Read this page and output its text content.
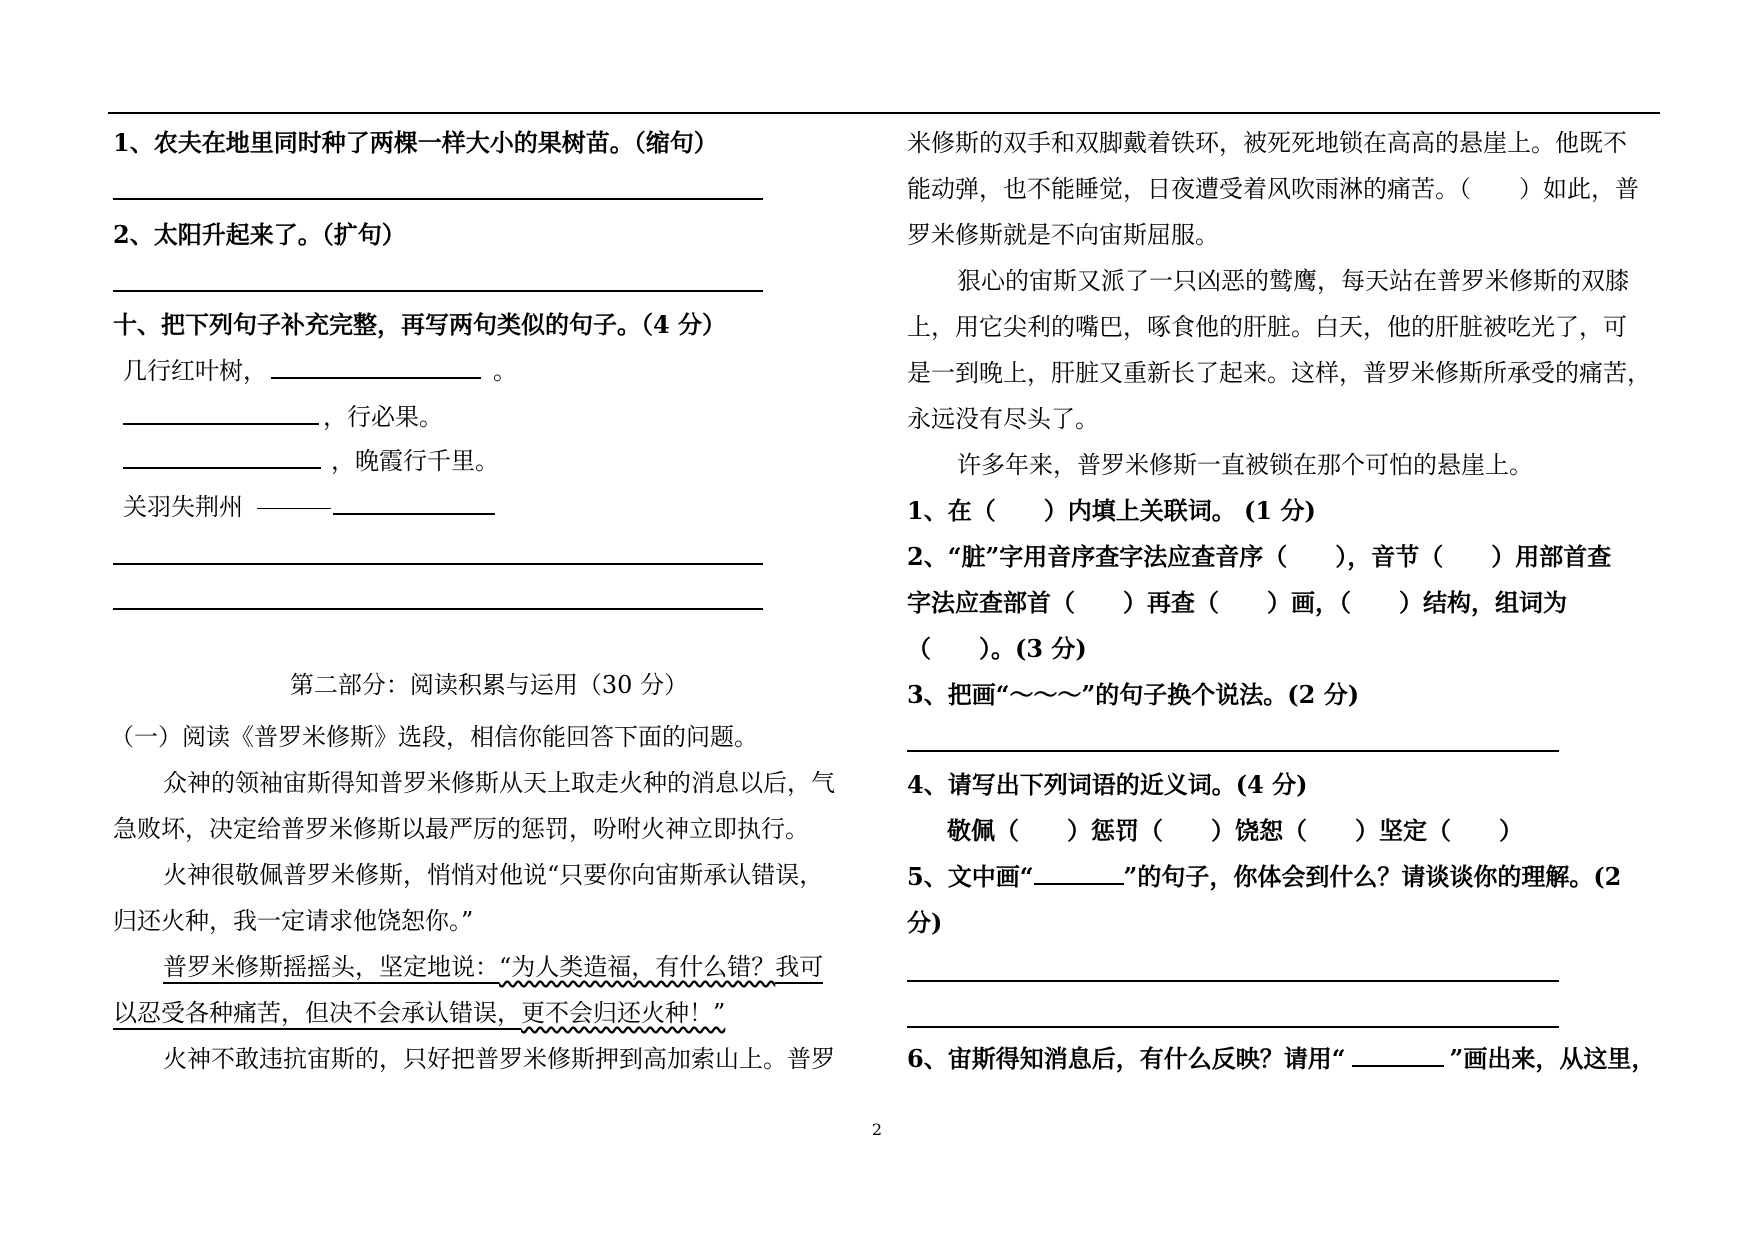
1、农夫在地里同时种了两棵一样大小的果树苗。（缩句）
2、太阳升起来了。（扩句）
十、把下列句子补充完整，再写两句类似的句子。（4 分）
几行红叶树，	。
，行必果。
，晚霞行千里。
关羽失荆州
第二部分：阅读积累与运用（30 分）
（一）阅读《普罗米修斯》选段，相信你能回答下面的问题。
众神的领袖宙斯得知普罗米修斯从天上取走火种的消息以后，气
急败坏，决定给普罗米修斯以最严厉的惩罚，吩咐火神立即执行。
火神很敬佩普罗米修斯，悄悄对他说“只要你向宙斯承认错误，
归还火种，我一定请求他饶恕你。”
普罗米修斯摇摇头，坚定地说：“为人类造福，有什么错？我可
以忍受各种痛苦，但决不会承认错误，更不会归还火种！”
火神不敢违抗宙斯的，只好把普罗米修斯押到高加索山上。普罗
米修斯的双手和双脚戴着铁环，被死死地锁在高高的悬崖上。他既不
能动弹，也不能睡觉，日夜遭受着风吹雨淋的痛苦。（　　）如此，普
罗米修斯就是不向宙斯屈服。
狠心的宙斯又派了一只凶恶的鹫鹰，每天站在普罗米修斯的双膝
上，用它尖利的嘴巴，啄食他的肝脏。白天，他的肝脏被吃光了，可
是一到晚上，肝脏又重新长了起来。这样，普罗米修斯所承受的痛苦，
永远没有尽头了。
许多年来，普罗米修斯一直被锁在那个可怕的悬崖上。
1、在（　　）内填上关联词。 (1 分)
2、“脏”字用音序查字法应查音序（　　），音节（　　）用部首查
字法应查部首（　　）再查（　　）画，（　　）结构，组词为
（　　）。(3 分)
3、把画“～～～”的句子换个说法。(2 分)
4、请写出下列词语的近义词。(4 分)
敬佩（　　）惩罚（　　）饶恕（　　）坚定（　　）
5、文中画“	”的句子，你体会到什么？请谈谈你的理解。(2
分)
6、宙斯得知消息后，有什么反映？请用“	”画出来，从这里，
2
